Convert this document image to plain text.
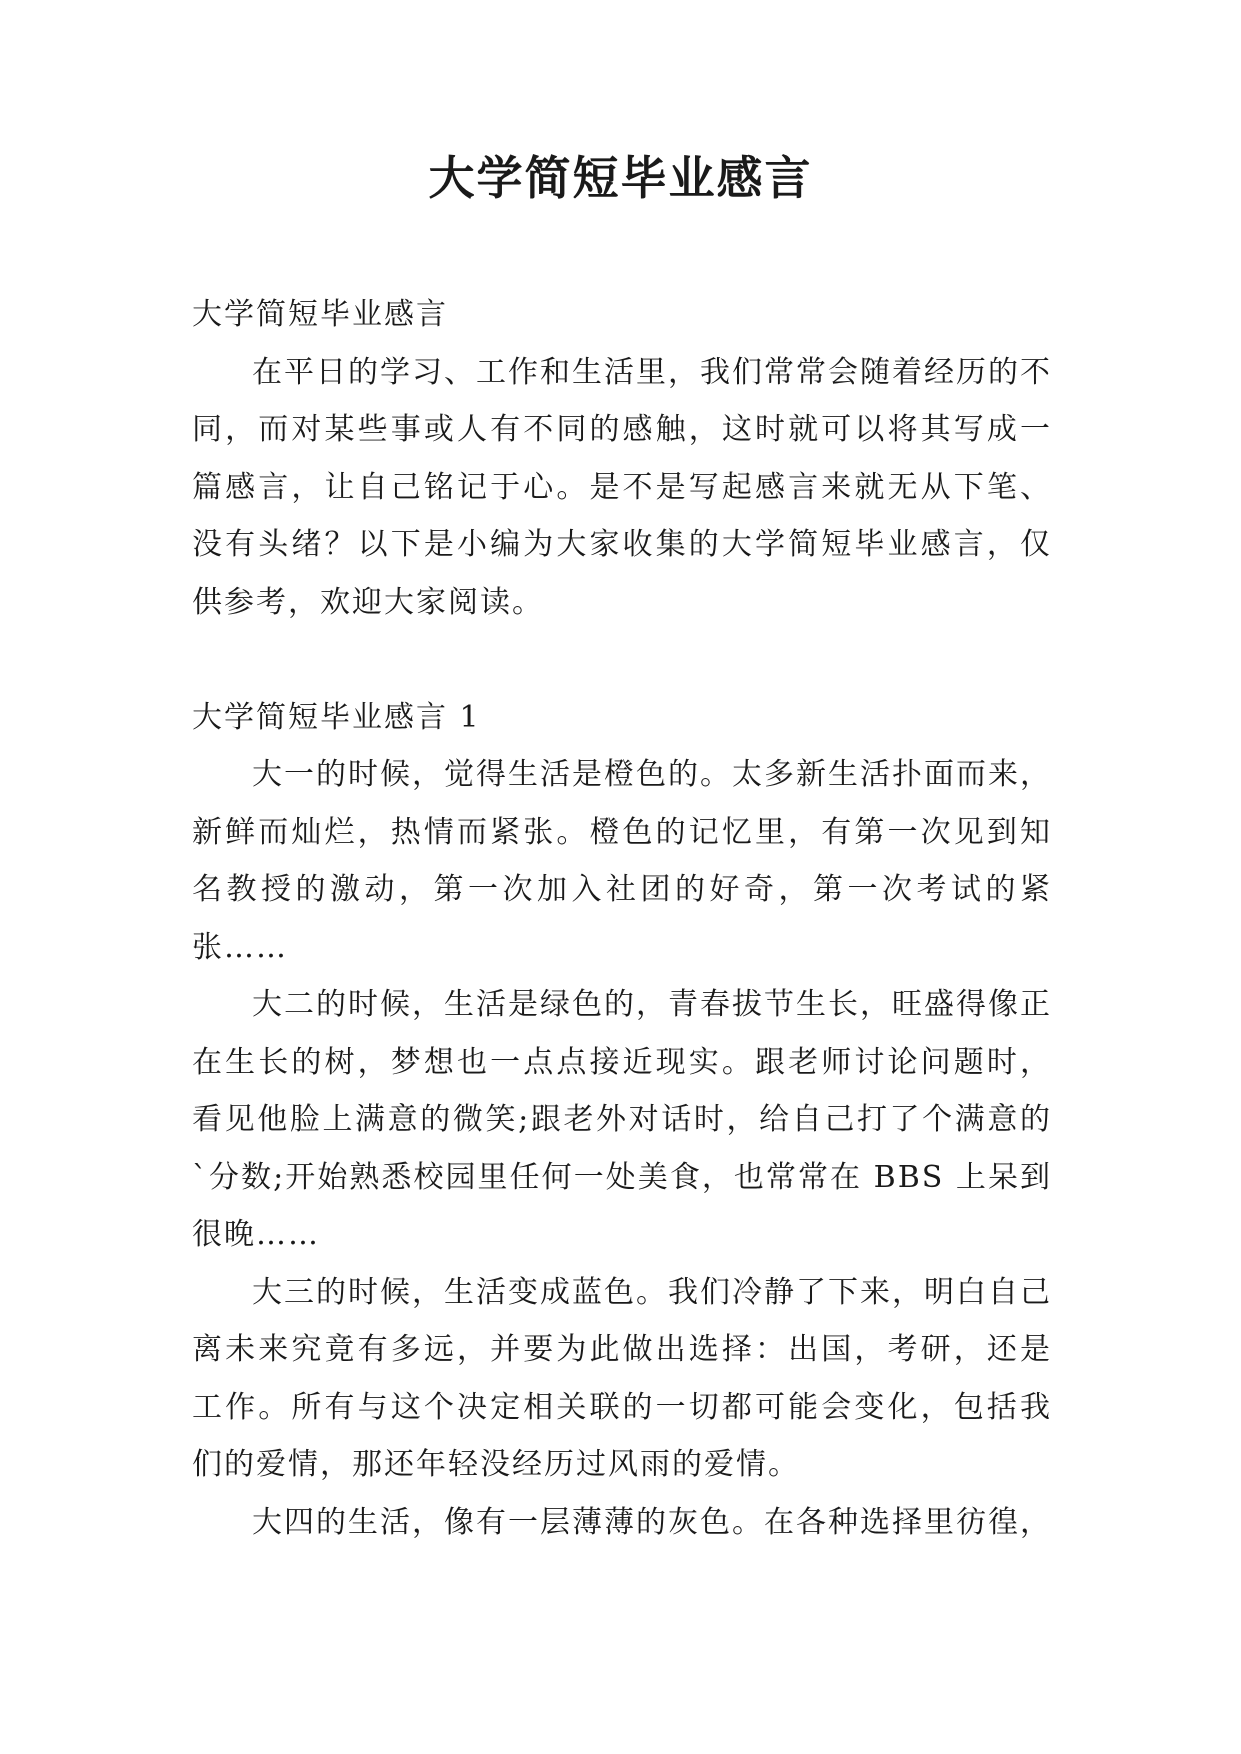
大学简短毕业感言
大学简短毕业感言

在平日的学习、工作和生活里，我们常常会随着经历的不同，而对某些事或人有不同的感触，这时就可以将其写成一篇感言，让自己铭记于心。是不是写起感言来就无从下笔、没有头绪？以下是小编为大家收集的大学简短毕业感言，仅供参考，欢迎大家阅读。

大学简短毕业感言 1

大一的时候，觉得生活是橙色的。太多新生活扑面而来，新鲜而灿烂，热情而紧张。橙色的记忆里，有第一次见到知名教授的激动，第一次加入社团的好奇，第一次考试的紧张……

大二的时候，生活是绿色的，青春拔节生长，旺盛得像正在生长的树，梦想也一点点接近现实。跟老师讨论问题时，看见他脸上满意的微笑;跟老外对话时，给自己打了个满意的`分数;开始熟悉校园里任何一处美食，也常常在 BBS 上呆到很晚……

大三的时候，生活变成蓝色。我们冷静了下来，明白自己离未来究竟有多远，并要为此做出选择：出国，考研，还是工作。所有与这个决定相关联的一切都可能会变化，包括我们的爱情，那还年轻没经历过风雨的爱情。

大四的生活，像有一层薄薄的灰色。在各种选择里彷徨，
